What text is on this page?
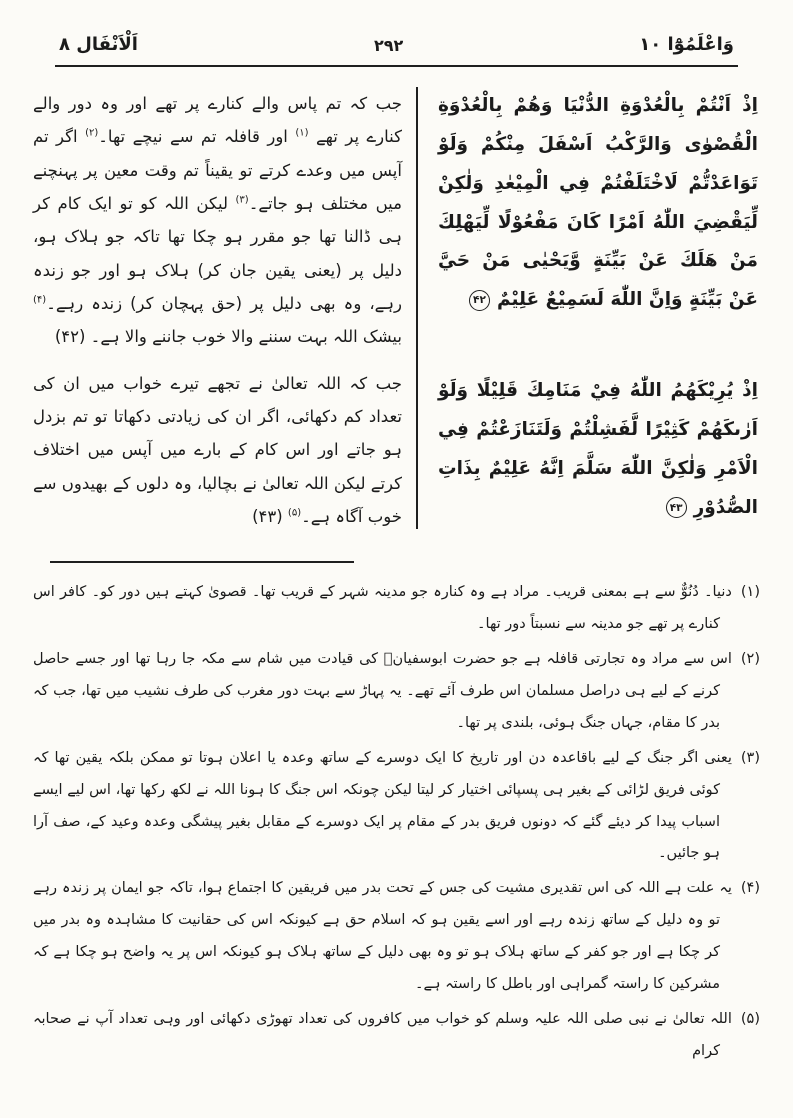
وَاعْلَمُوْٓا ۱۰
۲۹۲
اَلْاَنْفَال ۸

اِذْ اَنْتُمْ بِالْعُدْوَةِ الدُّنْيَا وَهُمْ بِالْعُدْوَةِ الْقُصْوٰى وَالرَّكْبُ اَسْفَلَ مِنْكُمْ وَلَوْ تَوَاعَدْتُّمْ لَاخْتَلَفْتُمْ فِي الْمِيْعٰدِ وَلٰكِنْ لِّيَقْضِيَ اللّٰهُ اَمْرًا كَانَ مَفْعُوْلًا لِّيَهْلِكَ مَنْ هَلَكَ عَنْ بَيِّنَةٍ وَّيَحْيٰى مَنْ حَيَّ عَنْ بَيِّنَةٍ وَاِنَّ اللّٰهَ لَسَمِيْعٌ عَلِيْمٌ۴۲

اِذْ يُرِيْكَهُمُ اللّٰهُ فِيْ مَنَامِكَ قَلِيْلًا وَلَوْ اَرٰىكَهُمْ كَثِيْرًا لَّفَشِلْتُمْ وَلَتَنَازَعْتُمْ فِي الْاَمْرِ وَلٰكِنَّ اللّٰهَ سَلَّمَ اِنَّهُ عَلِيْمٌ بِذَاتِ الصُّدُوْرِ۴۳

جب کہ تم پاس والے کنارے پر تھے اور وہ دور والے کنارے پر تھے $^{(۱)}$ اور قافلہ تم سے نیچے تھا۔$^{(۲)}$ اگر تم آپس میں وعدے کرتے تو یقیناً تم وقت معین پر پہنچنے میں مختلف ہو جاتے۔$^{(۳)}$ لیکن اللہ کو تو ایک کام کر ہی ڈالنا تھا جو مقرر ہو چکا تھا تاکہ جو ہلاک ہو، دلیل پر (یعنی یقین جان کر) ہلاک ہو اور جو زندہ رہے، وہ بھی دلیل پر (حق پہچان کر) زندہ رہے۔$^{(۴)}$ بیشک اللہ بہت سننے والا خوب جاننے والا ہے۔ (۴۲)

جب کہ اللہ تعالیٰ نے تجھے تیرے خواب میں ان کی تعداد کم دکھائی، اگر ان کی زیادتی دکھاتا تو تم بزدل ہو جاتے اور اس کام کے بارے میں آپس میں اختلاف کرتے لیکن اللہ تعالیٰ نے بچالیا، وہ دلوں کے بھیدوں سے خوب آگاہ ہے۔$^{(۵)}$ (۴۳)

(۱)دنیا۔ دُنُوٌّ سے ہے بمعنی قریب۔ مراد ہے وہ کنارہ جو مدینہ شہر کے قریب تھا۔ قصویٰ کہتے ہیں دور کو۔ کافر اس کنارے پر تھے جو مدینہ سے نسبتاً دور تھا۔

(۲)اس سے مراد وہ تجارتی قافلہ ہے جو حضرت ابوسفیانؓ کی قیادت میں شام سے مکہ جا رہا تھا اور جسے حاصل کرنے کے لیے ہی دراصل مسلمان اس طرف آئے تھے۔ یہ پہاڑ سے بہت دور مغرب کی طرف نشیب میں تھا، جب کہ بدر کا مقام، جہاں جنگ ہوئی، بلندی پر تھا۔

(۳)یعنی اگر جنگ کے لیے باقاعدہ دن اور تاریخ کا ایک دوسرے کے ساتھ وعدہ یا اعلان ہوتا تو ممکن بلکہ یقین تھا کہ کوئی فریق لڑائی کے بغیر ہی پسپائی اختیار کر لیتا لیکن چونکہ اس جنگ کا ہونا اللہ نے لکھ رکھا تھا، اس لیے ایسے اسباب پیدا کر دیئے گئے کہ دونوں فریق بدر کے مقام پر ایک دوسرے کے مقابل بغیر پیشگی وعدہ وعید کے، صف آرا ہو جائیں۔

(۴)یہ علت ہے اللہ کی اس تقدیری مشیت کی جس کے تحت بدر میں فریقین کا اجتماع ہوا، تاکہ جو ایمان پر زندہ رہے تو وہ دلیل کے ساتھ زندہ رہے اور اسے یقین ہو کہ اسلام حق ہے کیونکہ اس کی حقانیت کا مشاہدہ وہ بدر میں کر چکا ہے اور جو کفر کے ساتھ ہلاک ہو تو وہ بھی دلیل کے ساتھ ہلاک ہو کیونکہ اس پر یہ واضح ہو چکا ہے کہ مشرکین کا راستہ گمراہی اور باطل کا راستہ ہے۔

(۵)اللہ تعالیٰ نے نبی صلی اللہ علیہ وسلم کو خواب میں کافروں کی تعداد تھوڑی دکھائی اور وہی تعداد آپ نے صحابہ کرام
